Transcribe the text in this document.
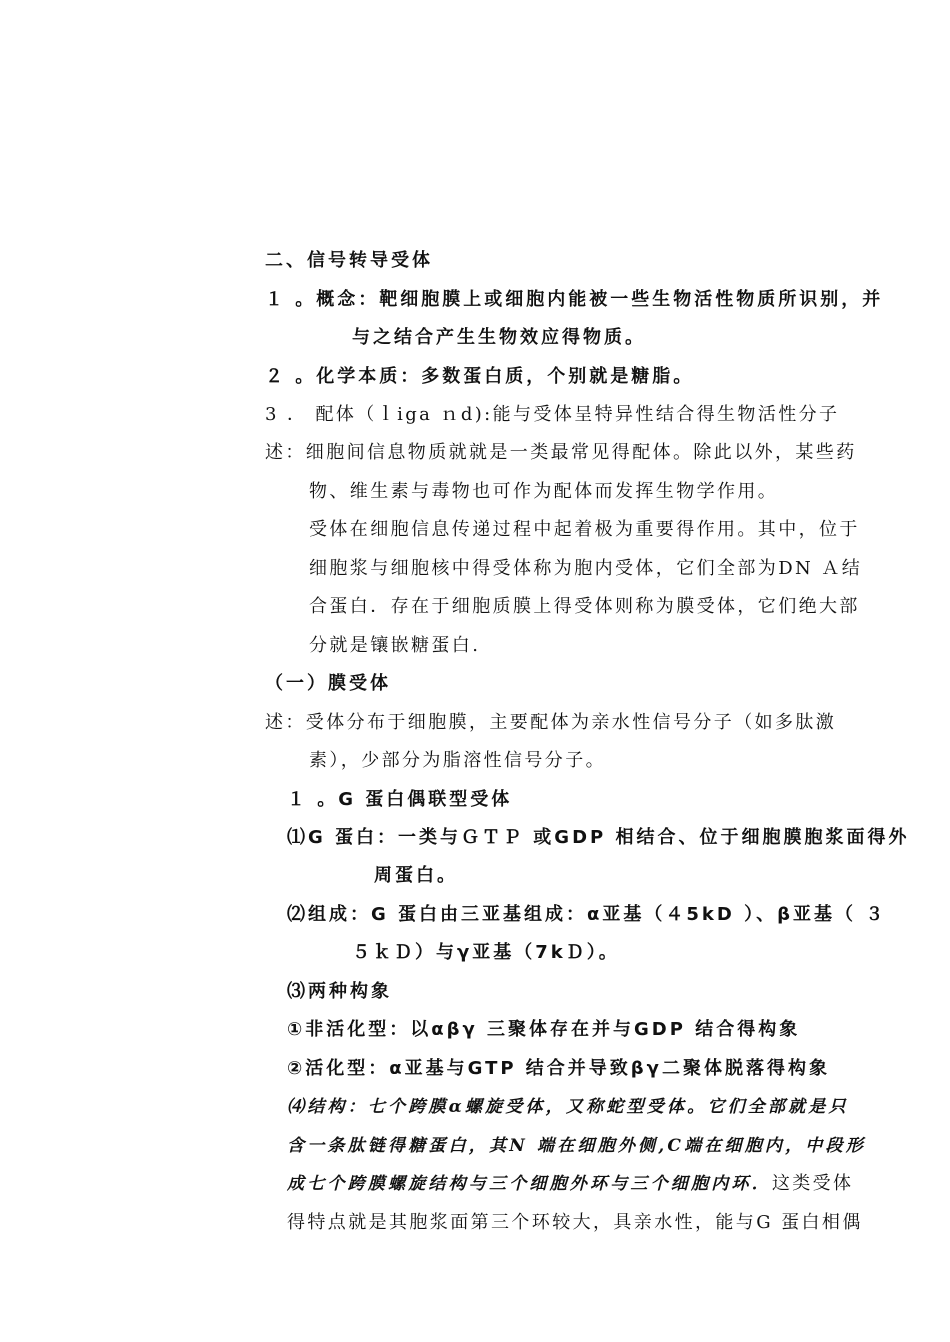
二、信号转导受体
１ 。概念：靶细胞膜上或细胞内能被一些生物活性物质所识别，并
与之结合产生生物效应得物质。
２ 。化学本质：多数蛋白质，个别就是糖脂。
3 ． 配体（ｌiga ｎd):能与受体呈特异性结合得生物活性分子
述：细胞间信息物质就就是一类最常见得配体。除此以外，某些药
物、维生素与毒物也可作为配体而发挥生物学作用。
受体在细胞信息传递过程中起着极为重要得作用。其中，位于
细胞浆与细胞核中得受体称为胞内受体，它们全部为DN Ａ结
合蛋白．存在于细胞质膜上得受体则称为膜受体，它们绝大部
分就是镶嵌糖蛋白.
（一）膜受体
述：受体分布于细胞膜，主要配体为亲水性信号分子（如多肽激
素），少部分为脂溶性信号分子。
１ 。G 蛋白偶联型受体
⑴G 蛋白：一类与ＧＴＰ 或GDP 相结合、位于细胞膜胞浆面得外
周蛋白。
⑵组成：G 蛋白由三亚基组成：α亚基（４5kD ）、β亚基（ ３
５ｋＤ）与γ亚基（7kＤ）。
⑶两种构象
①非活化型：以αβγ 三聚体存在并与GDP 结合得构象
②活化型：α亚基与GTP 结合并导致βγ二聚体脱落得构象
⑷结构：七个跨膜α螺旋受体，又称蛇型受体。它们全部就是只
含一条肽链得糖蛋白，其N 端在细胞外侧,C端在细胞内，中段形
成七个跨膜螺旋结构与三个细胞外环与三个细胞内环．这类受体
得特点就是其胞浆面第三个环较大，具亲水性，能与G 蛋白相偶
